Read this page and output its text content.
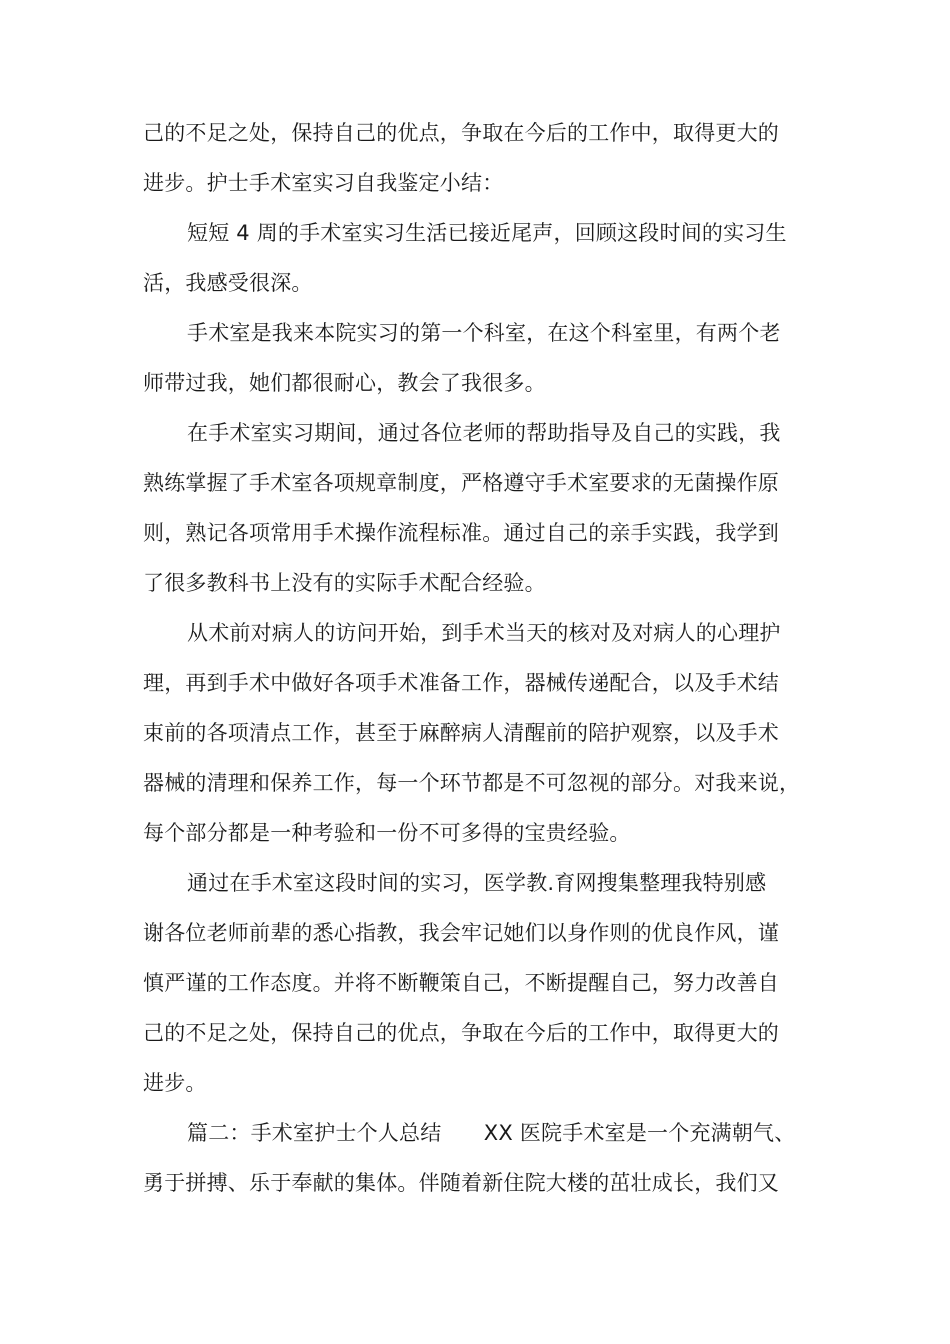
己的不足之处，保持自己的优点，争取在今后的工作中，取得更大的
进步。护士手术室实习自我鉴定小结：
短短 4 周的手术室实习生活已接近尾声，回顾这段时间的实习生
活，我感受很深。
手术室是我来本院实习的第一个科室，在这个科室里，有两个老
师带过我，她们都很耐心，教会了我很多。
在手术室实习期间，通过各位老师的帮助指导及自己的实践，我
熟练掌握了手术室各项规章制度，严格遵守手术室要求的无菌操作原
则，熟记各项常用手术操作流程标准。通过自己的亲手实践，我学到
了很多教科书上没有的实际手术配合经验。
从术前对病人的访问开始，到手术当天的核对及对病人的心理护
理，再到手术中做好各项手术准备工作，器械传递配合，以及手术结
束前的各项清点工作，甚至于麻醉病人清醒前的陪护观察，以及手术
器械的清理和保养工作，每一个环节都是不可忽视的部分。对我来说，
每个部分都是一种考验和一份不可多得的宝贵经验。
通过在手术室这段时间的实习，医学教.育网搜集整理我特别感
谢各位老师前辈的悉心指教，我会牢记她们以身作则的优良作风，谨
慎严谨的工作态度。并将不断鞭策自己，不断提醒自己，努力改善自
己的不足之处，保持自己的优点，争取在今后的工作中，取得更大的
进步。
篇二：手术室护士个人总结　　XX 医院手术室是一个充满朝气、
勇于拼搏、乐于奉献的集体。伴随着新住院大楼的茁壮成长，我们又
